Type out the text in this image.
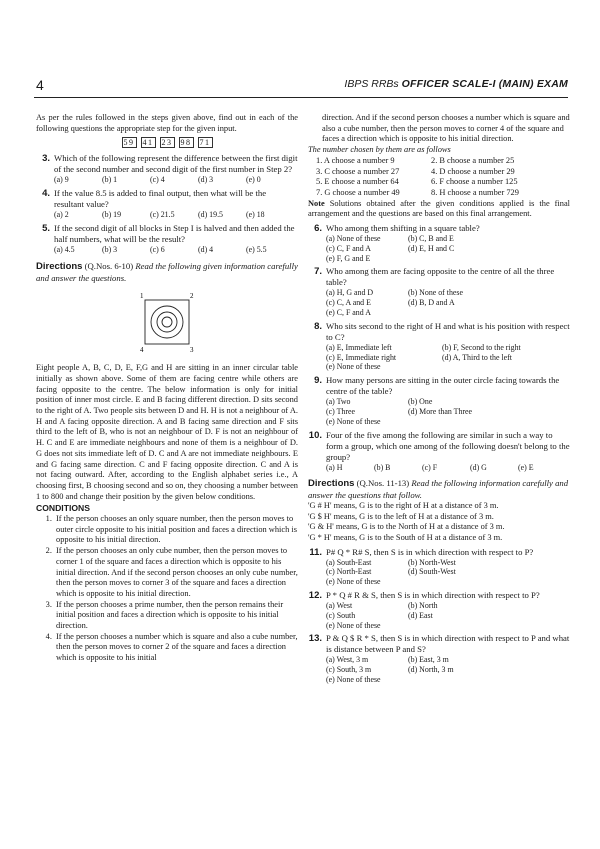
4	IBPS RRBs OFFICER SCALE-I (MAIN) EXAM

As per the rules followed in the steps given above, find out in each of the following questions the appropriate step for the given input.

59 41 23 98 71
3. Which of the following represent the difference between the first digit of the second number and second digit of the first number in Step 2?
(a) 9	(b) 1	(c) 4	(d) 3	(e) 0
4. If the value 8.5 is added to final output, then what will be the resultant value?
(a) 2	(b) 19	(c) 21.5	(d) 19.5	(e) 18
5. If the second digit of all blocks in Step I is halved and then added the half numbers, what will be the result?
(a) 4.5	(b) 3	(c) 6	(d) 4	(e) 5.5

Directions (Q.Nos. 6-10) Read the following given information carefully and answer the questions.

1	2
3
4

Eight people A, B, C, D, E, F,G and H are sitting in an inner circular table initially as shown above. Some of them are facing centre while others are facing opposite to the centre. The below information is only for initial position of inner most circle. E and B facing different direction. D sits second to the right of A. Two people sits between D and H. H is not a neighbour of A. H and A facing opposite direction. A and B facing same direction and F sits third to the left of B, who is not an neighbour of D. F is not an neighbour of H. C and E are immediate neighbours and none of them is a neighbour of D. G does not sits immediate left of D. C and A are not immediate neighbours. E and G facing same direction. C and F facing opposite direction. C and A is not facing outward. After, according to the English alphabet series i.e., A choosing first, B choosing second and so on, they choosing a number between 1 to 800 and change their position by the given below conditions.

CONDITIONS
1. If the person chooses an only square number, then the person moves to outer circle opposite to his initial position and faces a direction which is opposite to his initial direction.
2. If the person chooses an only cube number, then the person moves to corner 1 of the square and faces a direction which is opposite to his initial direction. And if the second person chooses an only cube number, then the person moves to corner 3 of the square and faces a direction which is opposite to his initial direction.
3. If the person chooses a prime number, then the person remains their initial position and faces a direction which is opposite to his initial direction.
4. If the person chooses a number which is square and also a cube number, then the person moves to corner 2 of the square and faces a direction which is opposite to his initial

direction. And if the second person chooses a number which is square and also a cube number, then the person moves to corner 4 of the square and faces a direction which is opposite to his initial direction.

The number chosen by them are as follows

1. A choose a number 9	2. B choose a number 25
3. C choose a number 27	4. D choose a number 29
5. E choose a number 64	6. F choose a number 125
7. G choose a number 49	8. H choose a number 729

Note Solutions obtained after the given conditions applied is the final arrangement and the questions are based on this final arrangement.

6. Who among them shifting in a square table?
(a) None of these	(b) C, B and E
(c) C, F and A	(d) E, H and C
(e) F, G and E
7. Who among them are facing opposite to the centre of all the three table?
(a) H, G and D	(b) None of these
(c) C, A and E	(d) B, D and A
(e) C, F and A
8. Who sits second to the right of H and what is his position with respect to C?
(a) E, Immediate left	(b) F, Second to the right
(c) E, Immediate right	(d) A, Third to the left
(e) None of these
9. How many persons are sitting in the outer circle facing towards the centre of the table?
(a) Two	(b) One
(c) Three	(d) More than Three
(e) None of these
10. Four of the five among the following are similar in such a way to form a group, which one among of the following doesn't belong to the group?
(a) H	(b) B	(c) F	(d) G	(e) E

Directions (Q.Nos. 11-13) Read the following information carefully and answer the questions that follow.

'G # H' means, G is to the right of H at a distance of 3 m.

'G $ H' means, G is to the left of H at a distance of 3 m.

'G & H' means, G is to the North of H at a distance of 3 m.

'G * H' means, G is to the South of H at a distance of 3 m.

11. P# Q * R# S, then S is in which direction with respect to P?
(a) South-East	(b) North-West
(c) North-East	(d) South-West
(e) None of these
12. P * Q # R & S, then S is in which direction with respect to P?
(a) West	(b) North
(c) South	(d) East
(e) None of these
13. P & Q $ R * S, then S is in which direction with respect to P and what is distance between P and S?
(a) West, 3 m	(b) East, 3 m
(c) South, 3 m	(d) North, 3 m
(e) None of these
